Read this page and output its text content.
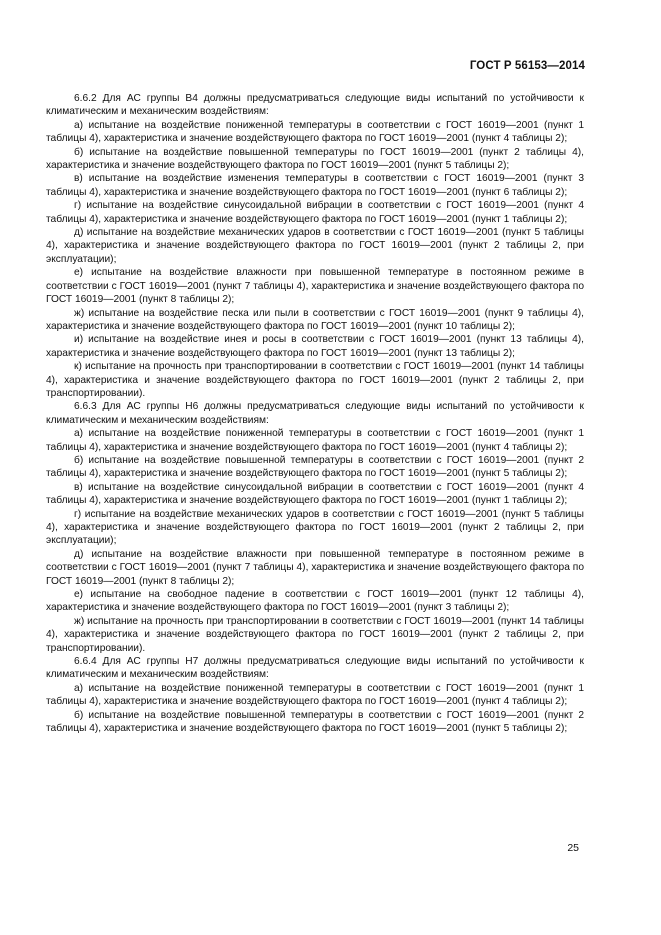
ГОСТ Р 56153—2014

6.6.2 Для АС группы В4 должны предусматриваться следующие виды испытаний по устойчивости к климатическим и механическим воздействиям:

а) испытание на воздействие пониженной температуры в соответствии с ГОСТ 16019—2001 (пункт 1 таблицы 4), характеристика и значение воздействующего фактора по ГОСТ 16019—2001 (пункт 4 таблицы 2);

б) испытание на воздействие повышенной температуры по ГОСТ 16019—2001 (пункт 2 таблицы 4), характеристика и значение воздействующего фактора по ГОСТ 16019—2001 (пункт 5 таблицы 2);

в) испытание на воздействие изменения температуры в соответствии с ГОСТ 16019—2001 (пункт 3 таблицы 4), характеристика и значение воздействующего фактора по ГОСТ 16019—2001 (пункт 6 таблицы 2);

г) испытание на воздействие синусоидальной вибрации в соответствии с ГОСТ 16019—2001 (пункт 4 таблицы 4), характеристика и значение воздействующего фактора по ГОСТ 16019—2001 (пункт 1 таблицы 2);

д) испытание на воздействие механических ударов в соответствии с ГОСТ 16019—2001 (пункт 5 таблицы 4), характеристика и значение воздействующего фактора по ГОСТ 16019—2001 (пункт 2 таблицы 2, при эксплуатации);

е) испытание на воздействие влажности при повышенной температуре в постоянном режиме в соответствии с ГОСТ 16019—2001 (пункт 7 таблицы 4), характеристика и значение воздействующего фактора по ГОСТ 16019—2001 (пункт 8 таблицы 2);

ж) испытание на воздействие песка или пыли в соответствии с ГОСТ 16019—2001 (пункт 9 таблицы 4), характеристика и значение воздействующего фактора по ГОСТ 16019—2001 (пункт 10 таблицы 2);

и) испытание на воздействие инея и росы в соответствии с ГОСТ 16019—2001 (пункт 13 таблицы 4), характеристика и значение воздействующего фактора по ГОСТ 16019—2001 (пункт 13 таблицы 2);

к) испытание на прочность при транспортировании в соответствии с ГОСТ 16019—2001 (пункт 14 таблицы 4), характеристика и значение воздействующего фактора по ГОСТ 16019—2001 (пункт 2 таблицы 2, при транспортировании).

6.6.3 Для АС группы Н6 должны предусматриваться следующие виды испытаний по устойчивости к климатическим и механическим воздействиям:

а) испытание на воздействие пониженной температуры в соответствии с ГОСТ 16019—2001 (пункт 1 таблицы 4), характеристика и значение воздействующего фактора по ГОСТ 16019—2001 (пункт 4 таблицы 2);

б) испытание на воздействие повышенной температуры в соответствии с ГОСТ 16019—2001 (пункт 2 таблицы 4), характеристика и значение воздействующего фактора по ГОСТ 16019—2001 (пункт 5 таблицы 2);

в) испытание на воздействие синусоидальной вибрации в соответствии с ГОСТ 16019—2001 (пункт 4 таблицы 4), характеристика и значение воздействующего фактора по ГОСТ 16019—2001 (пункт 1 таблицы 2);

г) испытание на воздействие механических ударов в соответствии с ГОСТ 16019—2001 (пункт 5 таблицы 4), характеристика и значение воздействующего фактора по ГОСТ 16019—2001 (пункт 2 таблицы 2, при эксплуатации);

д) испытание на воздействие влажности при повышенной температуре в постоянном режиме в соответствии с ГОСТ 16019—2001 (пункт 7 таблицы 4), характеристика и значение воздействующего фактора по ГОСТ 16019—2001 (пункт 8 таблицы 2);

е) испытание на свободное падение в соответствии с ГОСТ 16019—2001 (пункт 12 таблицы 4), характеристика и значение воздействующего фактора по ГОСТ 16019—2001 (пункт 3 таблицы 2);

ж) испытание на прочность при транспортировании в соответствии с ГОСТ 16019—2001 (пункт 14 таблицы 4), характеристика и значение воздействующего фактора по ГОСТ 16019—2001 (пункт 2 таблицы 2, при транспортировании).

6.6.4 Для АС группы Н7 должны предусматриваться следующие виды испытаний по устойчивости к климатическим и механическим воздействиям:

а) испытание на воздействие пониженной температуры в соответствии с ГОСТ 16019—2001 (пункт 1 таблицы 4), характеристика и значение воздействующего фактора по ГОСТ 16019—2001 (пункт 4 таблицы 2);

б) испытание на воздействие повышенной температуры в соответствии с ГОСТ 16019—2001 (пункт 2 таблицы 4), характеристика и значение воздействующего фактора по ГОСТ 16019—2001 (пункт 5 таблицы 2);

25
